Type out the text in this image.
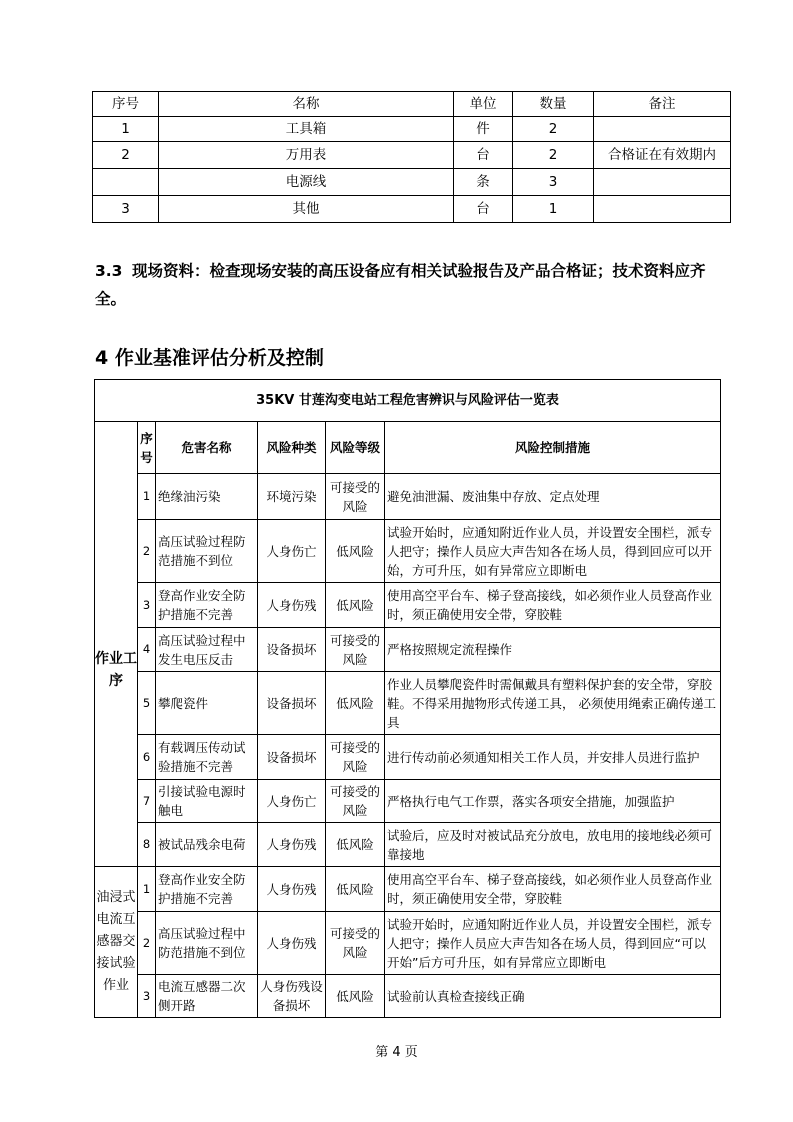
序号	名称	单位	数量	备注
1	工具箱	件	2	
2	万用表	台	2	合格证在有效期内
	电源线	条	3	
3	其他	台	1	
3.3 现场资料：检查现场安装的高压设备应有相关试验报告及产品合格证；技术资料应齐全。
4 作业基准评估分析及控制
35KV 甘莲沟变电站工程危害辨识与风险评估一览表					
	序号	危害名称	风险种类	风险等级	风险控制措施
作业工序	1	绝缘油污染	环境污染	可接受的风险	避免油泄漏、废油集中存放、定点处理
	2	高压试验过程防范措施不到位	人身伤亡	低风险	试验开始时，应通知附近作业人员，并设置安全围栏，派专人把守；操作人员应大声告知各在场人员，得到回应可以开始，方可升压，如有异常应立即断电
	3	登高作业安全防护措施不完善	人身伤残	低风险	使用高空平台车、梯子登高接线，如必须作业人员登高作业时，须正确使用安全带，穿胶鞋
	4	高压试验过程中发生电压反击	设备损坏	可接受的风险	严格按照规定流程操作
	5	攀爬瓷件	设备损坏	低风险	作业人员攀爬瓷件时需佩戴具有塑料保护套的安全带，穿胶鞋。不得采用抛物形式传递工具， 必须使用绳索正确传递工具
	6	有载调压传动试验措施不完善	设备损坏	可接受的风险	进行传动前必须通知相关工作人员，并安排人员进行监护
	7	引接试验电源时触电	人身伤亡	可接受的风险	严格执行电气工作票，落实各项安全措施，加强监护
	8	被试品残余电荷	人身伤残	低风险	试验后，应及时对被试品充分放电，放电用的接地线必须可靠接地
油浸式电流互感器交接试验作业	1	登高作业安全防护措施不完善	人身伤残	低风险	使用高空平台车、梯子登高接线，如必须作业人员登高作业时，须正确使用安全带，穿胶鞋
	2	高压试验过程中防范措施不到位	人身伤残	可接受的风险	试验开始时，应通知附近作业人员，并设置安全围栏，派专人把守；操作人员应大声告知各在场人员，得到回应“可以开始”后方可升压，如有异常应立即断电
	3	电流互感器二次侧开路	人身伤残设备损坏	低风险	试验前认真检查接线正确
第 4 页
